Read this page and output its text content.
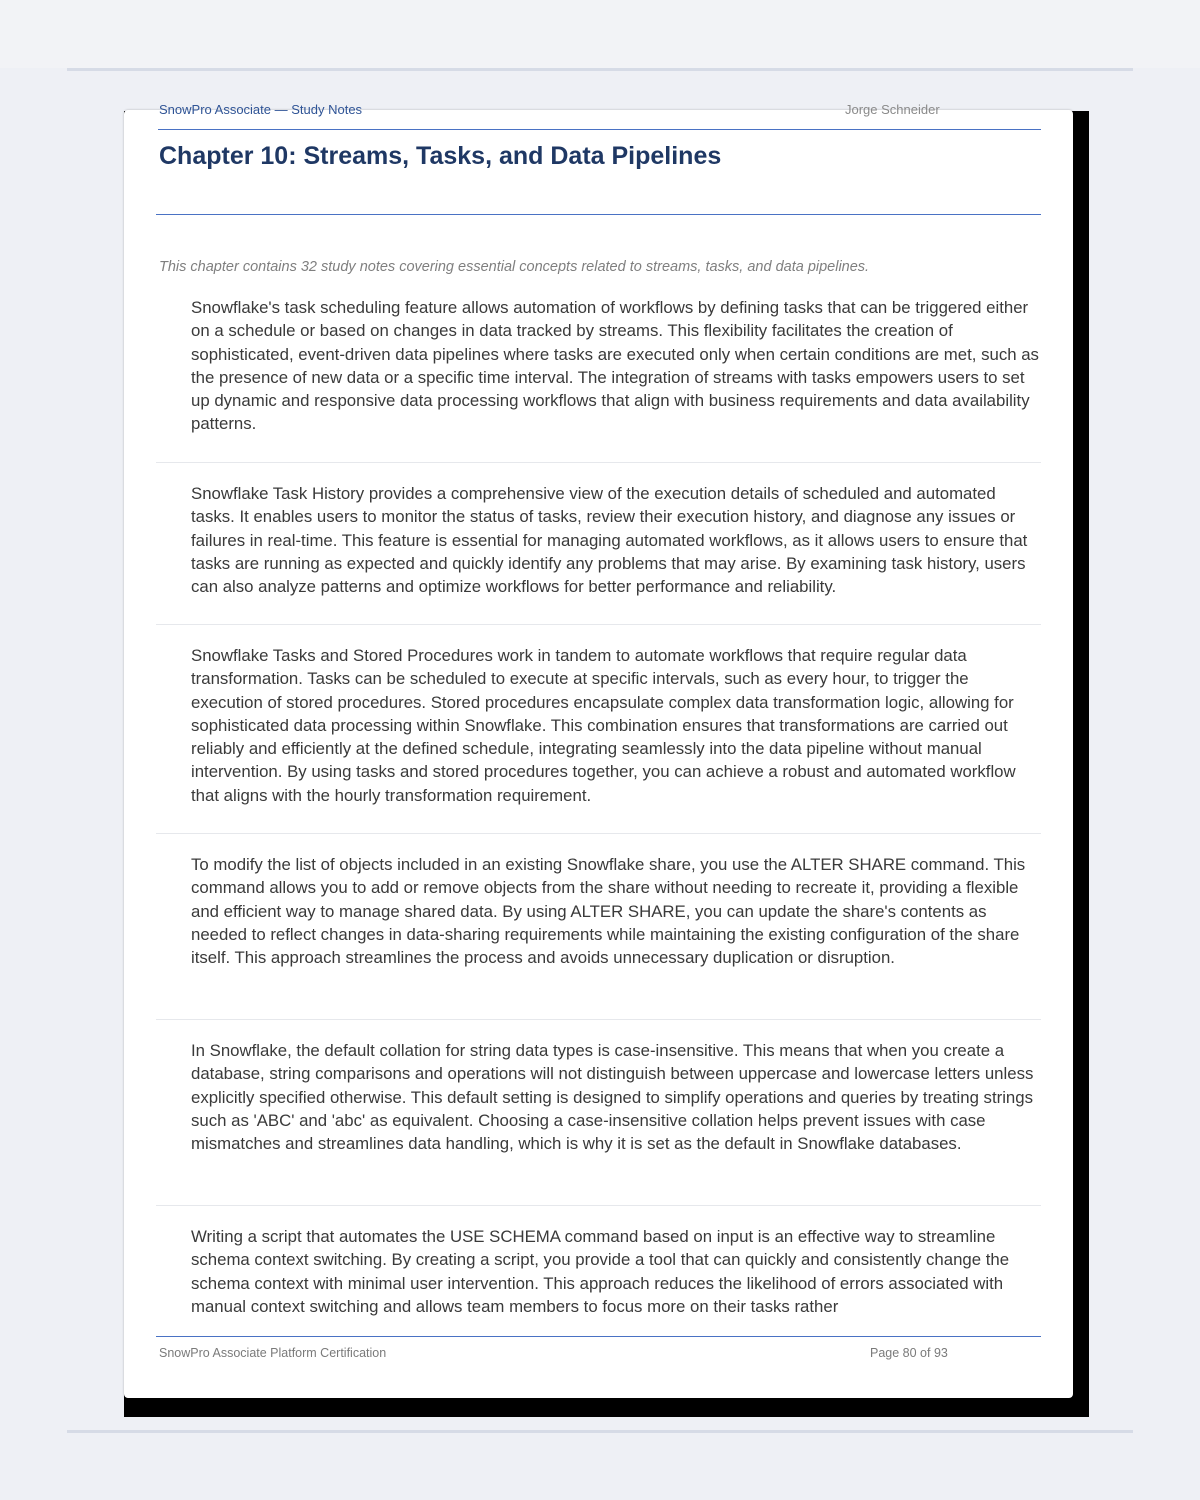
SnowPro Associate — Study Notes	Jorge Schneider
Chapter 10: Streams, Tasks, and Data Pipelines
This chapter contains 32 study notes covering essential concepts related to streams, tasks, and data pipelines.

Snowflake's task scheduling feature allows automation of workflows by defining tasks that can be triggered either on a schedule or based on changes in data tracked by streams. This flexibility facilitates the creation of sophisticated, event-driven data pipelines where tasks are executed only when certain conditions are met, such as the presence of new data or a specific time interval. The integration of streams with tasks empowers users to set up dynamic and responsive data processing workflows that align with business requirements and data availability patterns.

Snowflake Task History provides a comprehensive view of the execution details of scheduled and automated tasks. It enables users to monitor the status of tasks, review their execution history, and diagnose any issues or failures in real-time. This feature is essential for managing automated workflows, as it allows users to ensure that tasks are running as expected and quickly identify any problems that may arise. By examining task history, users can also analyze patterns and optimize workflows for better performance and reliability.

Snowflake Tasks and Stored Procedures work in tandem to automate workflows that require regular data transformation. Tasks can be scheduled to execute at specific intervals, such as every hour, to trigger the execution of stored procedures. Stored procedures encapsulate complex data transformation logic, allowing for sophisticated data processing within Snowflake. This combination ensures that transformations are carried out reliably and efficiently at the defined schedule, integrating seamlessly into the data pipeline without manual intervention. By using tasks and stored procedures together, you can achieve a robust and automated workflow that aligns with the hourly transformation requirement.

To modify the list of objects included in an existing Snowflake share, you use the ALTER SHARE command. This command allows you to add or remove objects from the share without needing to recreate it, providing a flexible and efficient way to manage shared data. By using ALTER SHARE, you can update the share's contents as needed to reflect changes in data-sharing requirements while maintaining the existing configuration of the share itself. This approach streamlines the process and avoids unnecessary duplication or disruption.

In Snowflake, the default collation for string data types is case-insensitive. This means that when you create a database, string comparisons and operations will not distinguish between uppercase and lowercase letters unless explicitly specified otherwise. This default setting is designed to simplify operations and queries by treating strings such as 'ABC' and 'abc' as equivalent. Choosing a case-insensitive collation helps prevent issues with case mismatches and streamlines data handling, which is why it is set as the default in Snowflake databases.

Writing a script that automates the USE SCHEMA command based on input is an effective way to streamline schema context switching. By creating a script, you provide a tool that can quickly and consistently change the schema context with minimal user intervention. This approach reduces the likelihood of errors associated with manual context switching and allows team members to focus more on their tasks rather

SnowPro Associate Platform Certification	Page 80 of 93
